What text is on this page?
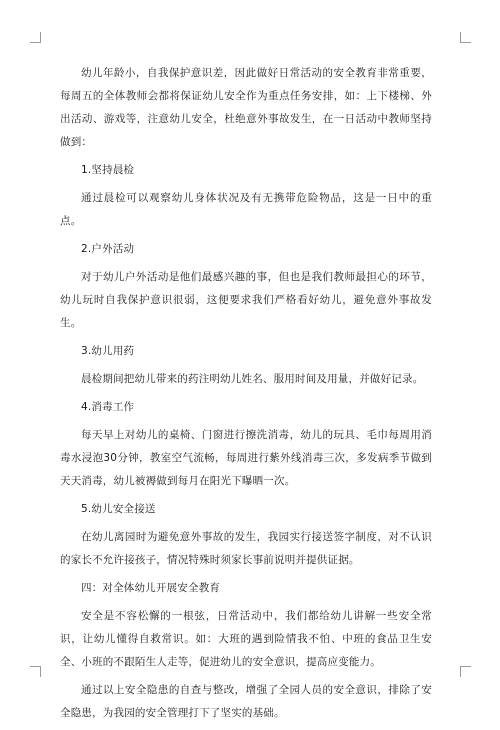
幼儿年龄小，自我保护意识差，因此做好日常活动的安全教育非常重要，每周五的全体教师会都将保证幼儿安全作为重点任务安排，如：上下楼梯、外出活动、游戏等，注意幼儿安全，杜绝意外事故发生，在一日活动中教师坚持做到：

1.坚持晨检

通过晨检可以观察幼儿身体状况及有无携带危险物品，这是一日中的重点。

2.户外活动

对于幼儿户外活动是他们最感兴趣的事，但也是我们教师最担心的环节，幼儿玩时自我保护意识很弱，这便要求我们严格看好幼儿，避免意外事故发生。

3.幼儿用药

晨检期间把幼儿带来的药注明幼儿姓名、服用时间及用量，并做好记录。

4.消毒工作

每天早上对幼儿的桌椅、门窗进行擦洗消毒，幼儿的玩具、毛巾每周用消毒水浸泡30分钟，教室空气流畅，每周进行紫外线消毒三次，多发病季节做到天天消毒，幼儿被褥做到每月在阳光下曝晒一次。

5.幼儿安全接送

在幼儿离园时为避免意外事故的发生，我园实行接送签字制度，对不认识的家长不允许接孩子，情况特殊时须家长事前说明并提供证据。

四：对全体幼儿开展安全教育

安全是不容松懈的一根弦，日常活动中，我们都给幼儿讲解一些安全常识，让幼儿懂得自救常识。如：大班的遇到险情我不怕、中班的食品卫生安全、小班的不跟陌生人走等，促进幼儿的安全意识，提高应变能力。

通过以上安全隐患的自查与整改，增强了全园人员的安全意识，排除了安全隐患，为我园的安全管理打下了坚实的基础。
